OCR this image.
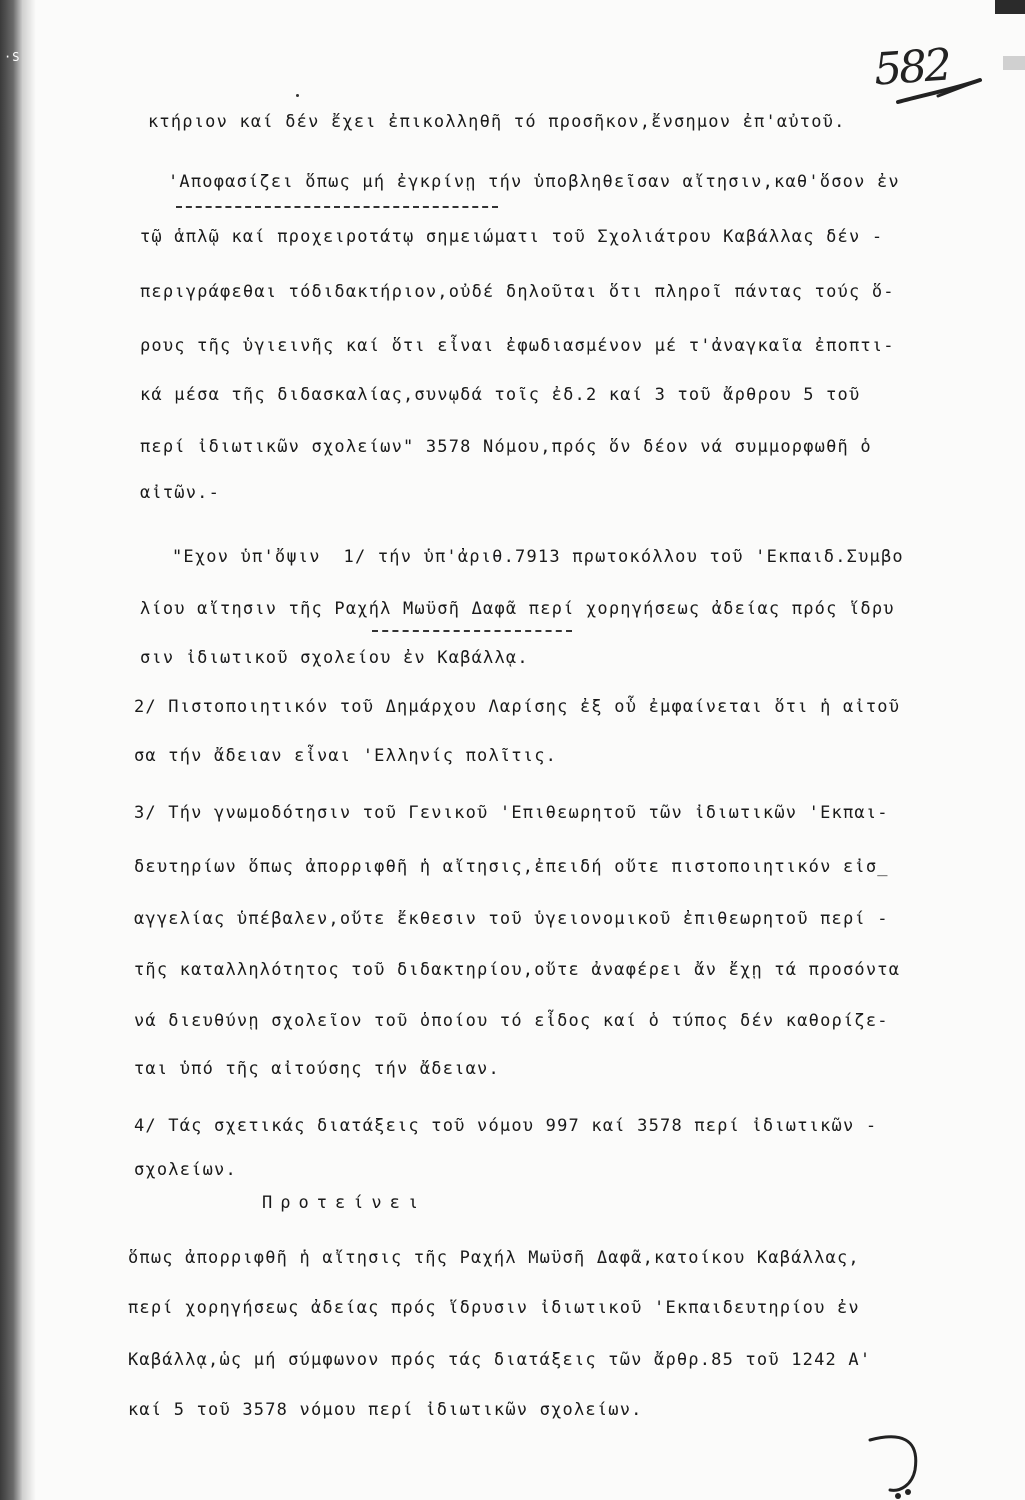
·S	582
κτήριον καί δέν ἔχει ἐπικολληθῆ τό προσῆκον,ἔνσημον ἐπ'αὐτοῦ.
'Αποφασίζει ὅπως μή ἐγκρίνῃ τήν ὑποβληθεῖσαν αἴτησιν,καθ'ὅσον ἐν
τῷ ἁπλῷ καί προχειροτάτῳ σημειώματι τοῦ Σχολιάτρου Καβάλλας δέν -
περιγράφεθαι τόδιδακτήριον,οὐδέ δηλοῦται ὅτι πληροῖ πάντας τούς ὅ-
ρους τῆς ὑγιεινῆς καί ὅτι εἶναι ἐφωδιασμένον μέ τ'ἀναγκαῖα ἐποπτι-
κά μέσα τῆς διδασκαλίας,συνῳδά τοῖς ἐδ.2 καί 3 τοῦ ἄρθρου 5 τοῦ
περί ἰδιωτικῶν σχολείων" 3578 Νόμου,πρός ὅν δέον νά συμμορφωθῆ ὁ
αἰτῶν.-
"Εχον ὑπ'ὄψιν  1/ τήν ὑπ'ἀριθ.7913 πρωτοκόλλου τοῦ 'Εκπαιδ.Συμβο
λίου αἴτησιν τῆς Ραχήλ Μωϋσῆ Δαφᾶ περί χορηγήσεως ἀδείας πρός ἵδρυ
σιν ἰδιωτικοῦ σχολείου ἐν Καβάλλᾳ.
2/ Πιστοποιητικόν τοῦ Δημάρχου Λαρίσης ἐξ οὗ ἐμφαίνεται ὅτι ἡ αἰτοῦ
σα τήν ἄδειαν εἶναι 'Ελληνίς πολῖτις.
3/ Τήν γνωμοδότησιν τοῦ Γενικοῦ 'Επιθεωρητοῦ τῶν ἰδιωτικῶν 'Εκπαι-
δευτηρίων ὅπως ἀπορριφθῆ ἡ αἴτησις,ἐπειδή οὔτε πιστοποιητικόν εἰσ_
αγγελίας ὑπέβαλεν,οὔτε ἔκθεσιν τοῦ ὑγειονομικοῦ ἐπιθεωρητοῦ περί -
τῆς καταλληλότητος τοῦ διδακτηρίου,οὔτε ἀναφέρει ἄν ἔχῃ τά προσόντα
νά διευθύνῃ σχολεῖον τοῦ ὁποίου τό εἶδος καί ὁ τύπος δέν καθορίζε-
ται ὑπό τῆς αἰτούσης τήν ἄδειαν.
4/ Τάς σχετικάς διατάξεις τοῦ νόμου 997 καί 3578 περί ἰδιωτικῶν -
σχολείων.
Προτείνει
ὅπως ἀπορριφθῆ ἡ αἴτησις τῆς Ραχήλ Μωϋσῆ Δαφᾶ,κατοίκου Καβάλλας,
περί χορηγήσεως ἀδείας πρός ἵδρυσιν ἰδιωτικοῦ 'Εκπαιδευτηρίου ἐν
Καβάλλᾳ,ὡς μή σύμφωνον πρός τάς διατάξεις τῶν ἄρθρ.85 τοῦ 1242 Α'
καί 5 τοῦ 3578 νόμου περί ἰδιωτικῶν σχολείων.
